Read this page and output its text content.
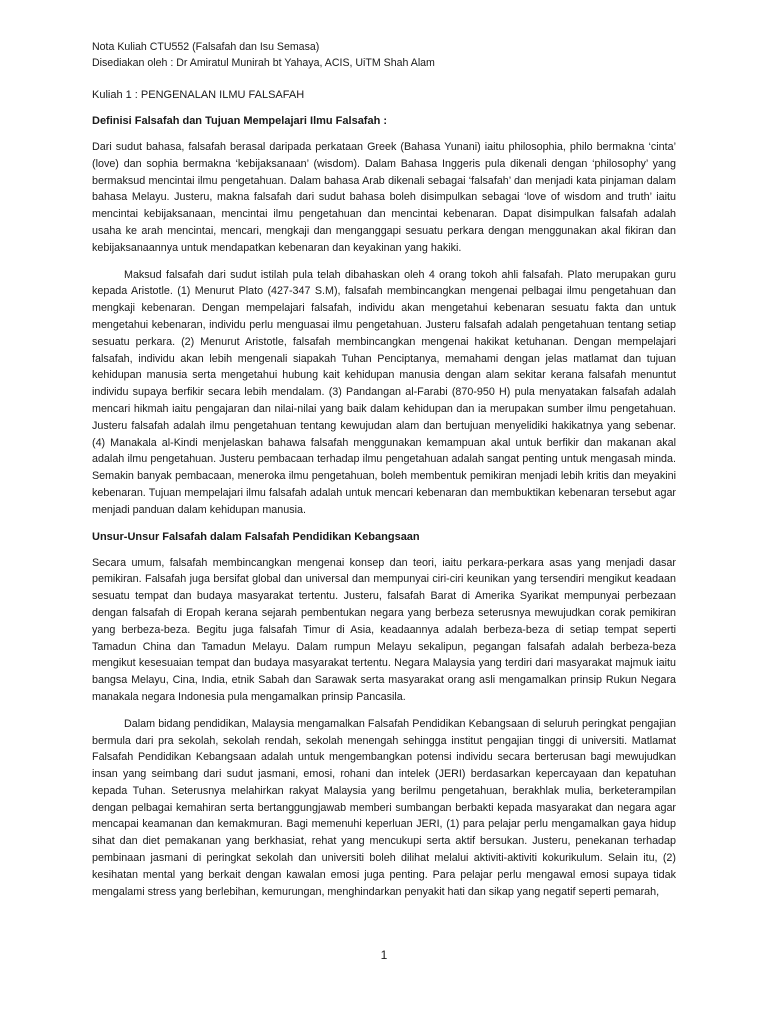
Nota Kuliah CTU552 (Falsafah dan Isu Semasa)

Disediakan oleh : Dr Amiratul Munirah bt Yahaya, ACIS, UiTM Shah Alam

Kuliah 1 : PENGENALAN ILMU FALSAFAH

Definisi Falsafah dan Tujuan Mempelajari Ilmu Falsafah :

Dari sudut bahasa, falsafah berasal daripada perkataan Greek (Bahasa Yunani) iaitu philosophia, philo bermakna ‘cinta’ (love) dan sophia bermakna ‘kebijaksanaan’ (wisdom). Dalam Bahasa Inggeris pula dikenali dengan ‘philosophy’ yang bermaksud mencintai ilmu pengetahuan. Dalam bahasa Arab dikenali sebagai ‘falsafah’ dan menjadi kata pinjaman dalam bahasa Melayu. Justeru, makna falsafah dari sudut bahasa boleh disimpulkan sebagai ‘love of wisdom and truth’ iaitu mencintai kebijaksanaan, mencintai ilmu pengetahuan dan mencintai kebenaran. Dapat disimpulkan falsafah adalah usaha ke arah mencintai, mencari, mengkaji dan menganggapi sesuatu perkara dengan menggunakan akal fikiran dan kebijaksanaannya untuk mendapatkan kebenaran dan keyakinan yang hakiki.

Maksud falsafah dari sudut istilah pula telah dibahaskan oleh 4 orang tokoh ahli falsafah. Plato merupakan guru kepada Aristotle. (1) Menurut Plato (427-347 S.M), falsafah membincangkan mengenai pelbagai ilmu pengetahuan dan mengkaji kebenaran. Dengan mempelajari falsafah, individu akan mengetahui kebenaran sesuatu fakta dan untuk mengetahui kebenaran, individu perlu menguasai ilmu pengetahuan. Justeru falsafah adalah pengetahuan tentang setiap sesuatu perkara. (2) Menurut Aristotle, falsafah membincangkan mengenai hakikat ketuhanan. Dengan mempelajari falsafah, individu akan lebih mengenali siapakah Tuhan Penciptanya, memahami dengan jelas matlamat dan tujuan kehidupan manusia serta mengetahui hubung kait kehidupan manusia dengan alam sekitar kerana falsafah menuntut individu supaya berfikir secara lebih mendalam. (3) Pandangan al-Farabi (870-950 H) pula menyatakan falsafah adalah mencari hikmah iaitu pengajaran dan nilai-nilai yang baik dalam kehidupan dan ia merupakan sumber ilmu pengetahuan. Justeru falsafah adalah ilmu pengetahuan tentang kewujudan alam dan bertujuan menyelidiki hakikatnya yang sebenar. (4) Manakala al-Kindi menjelaskan bahawa falsafah menggunakan kemampuan akal untuk berfikir dan makanan akal adalah ilmu pengetahuan. Justeru pembacaan terhadap ilmu pengetahuan adalah sangat penting untuk mengasah minda. Semakin banyak pembacaan, meneroka ilmu pengetahuan, boleh membentuk pemikiran menjadi lebih kritis dan meyakini kebenaran. Tujuan mempelajari ilmu falsafah adalah untuk mencari kebenaran dan membuktikan kebenaran tersebut agar menjadi panduan dalam kehidupan manusia.

Unsur-Unsur Falsafah dalam Falsafah Pendidikan Kebangsaan

Secara umum, falsafah membincangkan mengenai konsep dan teori, iaitu perkara-perkara asas yang menjadi dasar pemikiran. Falsafah juga bersifat global dan universal dan mempunyai ciri-ciri keunikan yang tersendiri mengikut keadaan sesuatu tempat dan budaya masyarakat tertentu. Justeru, falsafah Barat di Amerika Syarikat mempunyai perbezaan dengan falsafah di Eropah kerana sejarah pembentukan negara yang berbeza seterusnya mewujudkan corak pemikiran yang berbeza-beza. Begitu juga falsafah Timur di Asia, keadaannya adalah berbeza-beza di setiap tempat seperti Tamadun China dan Tamadun Melayu. Dalam rumpun Melayu sekalipun, pegangan falsafah adalah berbeza-beza mengikut kesesuaian tempat dan budaya masyarakat tertentu. Negara Malaysia yang terdiri dari masyarakat majmuk iaitu bangsa Melayu, Cina, India, etnik Sabah dan Sarawak serta masyarakat orang asli mengamalkan prinsip Rukun Negara manakala negara Indonesia pula mengamalkan prinsip Pancasila.

Dalam bidang pendidikan, Malaysia mengamalkan Falsafah Pendidikan Kebangsaan di seluruh peringkat pengajian bermula dari pra sekolah, sekolah rendah, sekolah menengah sehingga institut pengajian tinggi di universiti. Matlamat Falsafah Pendidikan Kebangsaan adalah untuk mengembangkan potensi individu secara berterusan bagi mewujudkan insan yang seimbang dari sudut jasmani, emosi, rohani dan intelek (JERI) berdasarkan kepercayaan dan kepatuhan kepada Tuhan. Seterusnya melahirkan rakyat Malaysia yang berilmu pengetahuan, berakhlak mulia, berketerampilan dengan pelbagai kemahiran serta bertanggungjawab memberi sumbangan berbakti kepada masyarakat dan negara agar mencapai keamanan dan kemakmuran. Bagi memenuhi keperluan JERI, (1) para pelajar perlu mengamalkan gaya hidup sihat dan diet pemakanan yang berkhasiat, rehat yang mencukupi serta aktif bersukan. Justeru, penekanan terhadap pembinaan jasmani di peringkat sekolah dan universiti boleh dilihat melalui aktiviti-aktiviti kokurikulum. Selain itu, (2) kesihatan mental yang berkait dengan kawalan emosi juga penting. Para pelajar perlu mengawal emosi supaya tidak mengalami stress yang berlebihan, kemurungan, menghindarkan penyakit hati dan sikap yang negatif seperti pemarah,

1
